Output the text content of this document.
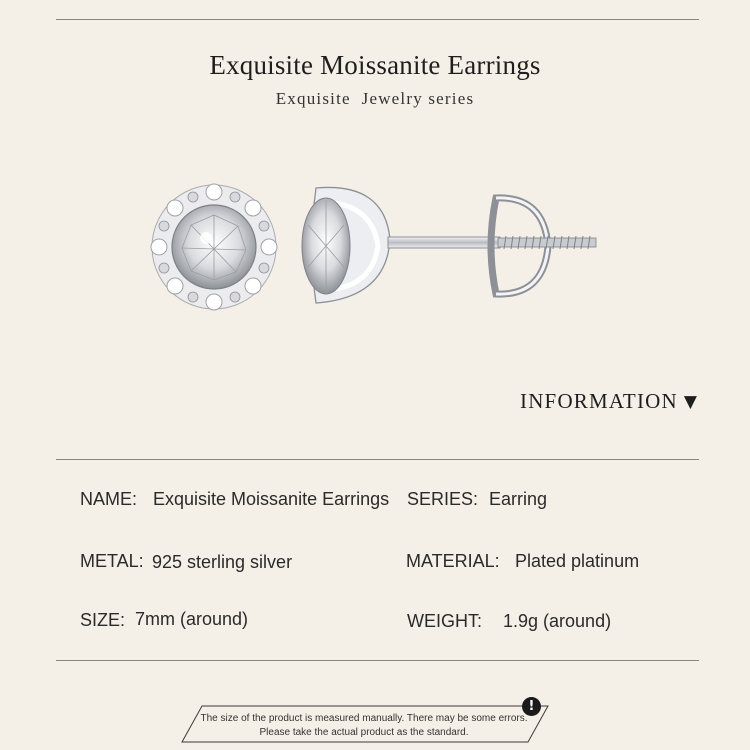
Exquisite Moissanite Earrings
Exquisite  Jewelry series
INFORMATION ▼
NAME: Exquisite Moissanite Earrings SERIES: Earring
METAL: 925 sterling silver	MATERIAL: Plated platinum
SIZE: 7mm (around)	WEIGHT: 1.9g (around)
!
The size of the product is measured manually. There may be some errors.
Please take the actual product as the standard.
